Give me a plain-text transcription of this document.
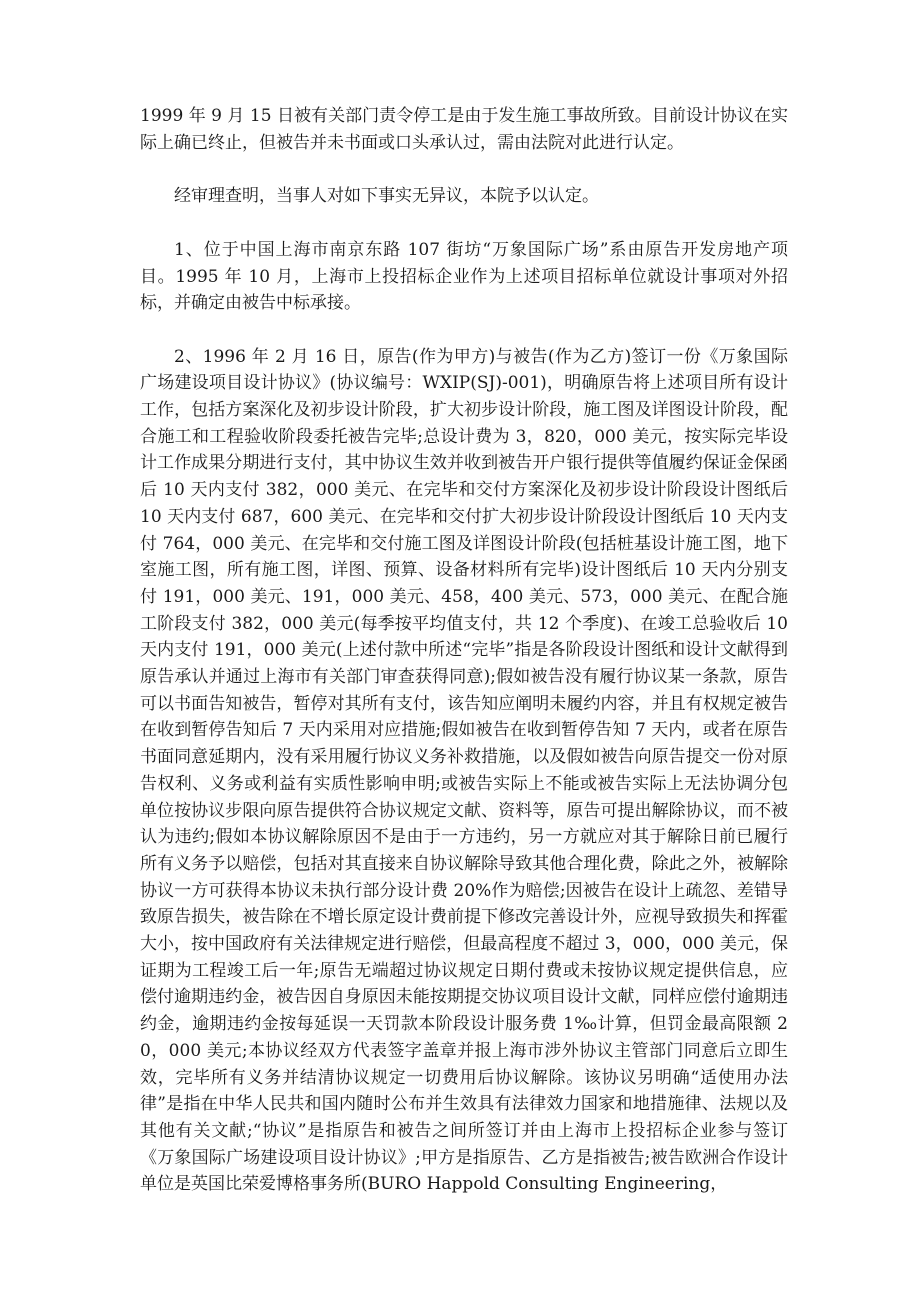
1999 年 9 月 15 日被有关部门责令停工是由于发生施工事故所致。目前设计协议在实际上确已终止，但被告并未书面或口头承认过，需由法院对此进行认定。

经审理查明，当事人对如下事实无异议，本院予以认定。

1、位于中国上海市南京东路 107 街坊“万象国际广场”系由原告开发房地产项目。1995 年 10 月，上海市上投招标企业作为上述项目招标单位就设计事项对外招标，并确定由被告中标承接。

2、1996 年 2 月 16 日，原告(作为甲方)与被告(作为乙方)签订一份《万象国际广场建设项目设计协议》(协议编号：WXIP(SJ)-001)，明确原告将上述项目所有设计工作，包括方案深化及初步设计阶段，扩大初步设计阶段，施工图及详图设计阶段，配合施工和工程验收阶段委托被告完毕;总设计费为 3，820，000 美元，按实际完毕设计工作成果分期进行支付，其中协议生效并收到被告开户银行提供等值履约保证金保函后 10 天内支付 382，000 美元、在完毕和交付方案深化及初步设计阶段设计图纸后 10 天内支付 687，600 美元、在完毕和交付扩大初步设计阶段设计图纸后 10 天内支付 764，000 美元、在完毕和交付施工图及详图设计阶段(包括桩基设计施工图，地下室施工图，所有施工图，详图、预算、设备材料所有完毕)设计图纸后 10 天内分别支付 191，000 美元、191，000 美元、458，400 美元、573，000 美元、在配合施工阶段支付 382，000 美元(每季按平均值支付，共 12 个季度)、在竣工总验收后 10 天内支付 191，000 美元(上述付款中所述“完毕”指是各阶段设计图纸和设计文献得到原告承认并通过上海市有关部门审查获得同意);假如被告没有履行协议某一条款，原告可以书面告知被告，暂停对其所有支付，该告知应阐明未履约内容，并且有权规定被告在收到暂停告知后 7 天内采用对应措施;假如被告在收到暂停告知 7 天内，或者在原告书面同意延期内，没有采用履行协议义务补救措施，以及假如被告向原告提交一份对原告权利、义务或利益有实质性影响申明;或被告实际上不能或被告实际上无法协调分包单位按协议步限向原告提供符合协议规定文献、资料等，原告可提出解除协议，而不被认为违约;假如本协议解除原因不是由于一方违约，另一方就应对其于解除日前已履行所有义务予以赔偿，包括对其直接来自协议解除导致其他合理化费，除此之外，被解除协议一方可获得本协议未执行部分设计费 20%作为赔偿;因被告在设计上疏忽、差错导致原告损失，被告除在不增长原定设计费前提下修改完善设计外，应视导致损失和挥霍大小，按中国政府有关法律规定进行赔偿，但最高程度不超过 3，000，000 美元，保证期为工程竣工后一年;原告无端超过协议规定日期付费或未按协议规定提供信息，应偿付逾期违约金，被告因自身原因未能按期提交协议项目设计文献，同样应偿付逾期违约金，逾期违约金按每延误一天罚款本阶段设计服务费 1‰计算，但罚金最高限额 20，000 美元;本协议经双方代表签字盖章并报上海市涉外协议主管部门同意后立即生效，完毕所有义务并结清协议规定一切费用后协议解除。该协议另明确“适使用办法律”是指在中华人民共和国内随时公布并生效具有法律效力国家和地措施律、法规以及其他有关文献;“协议”是指原告和被告之间所签订并由上海市上投招标企业参与签订《万象国际广场建设项目设计协议》;甲方是指原告、乙方是指被告;被告欧洲合作设计单位是英国比荣爱博格事务所(BURO Happold Consulting Engineering，
